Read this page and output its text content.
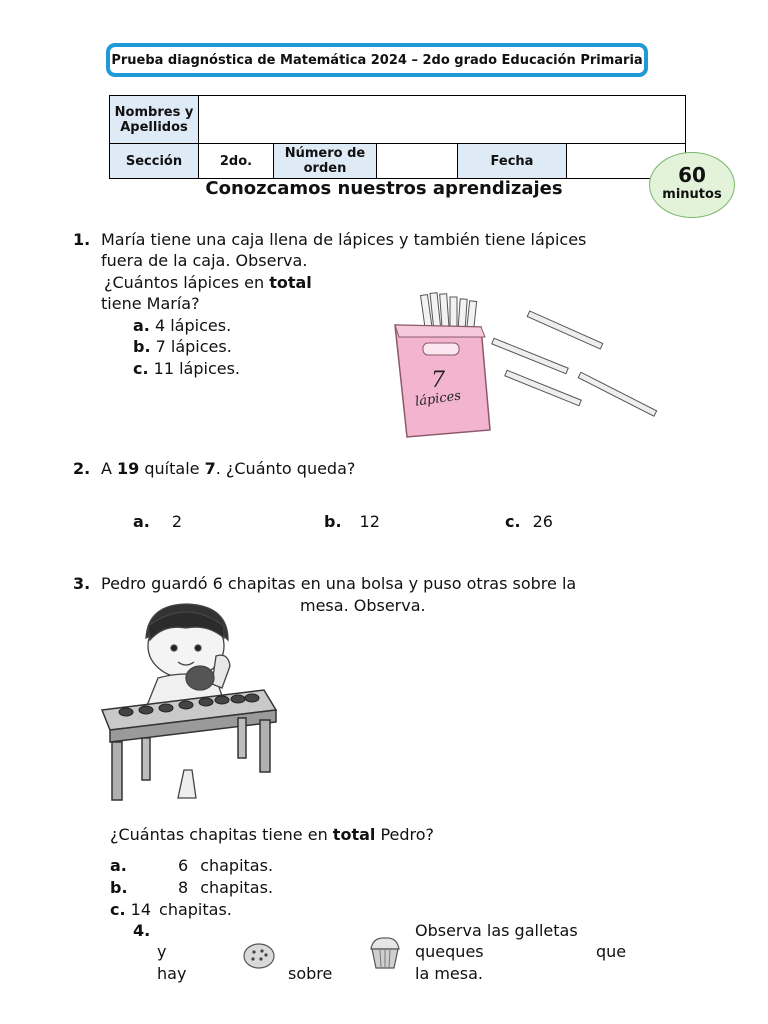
Prueba diagnóstica de Matemática 2024 – 2do grado Educación Primaria
Nombres y Apellidos					
Sección	2do.	Número de orden		Fecha	
60
minutos
Conozcamos nuestros aprendizajes
1. María tiene una caja llena de lápices y también tiene lápices
fuera de la caja. Observa.
¿Cuántos lápices en total
tiene María?
a. 4 lápices.
b. 7 lápices.
c. 11 lápices.	7
lápices
2. A 19 quítale 7. ¿Cuánto queda?
a. 2	b. 12	c. 26
3. Pedro guardó 6 chapitas en una bolsa y puso otras sobre la
mesa. Observa.
¿Cuántas chapitas tiene en total Pedro?
a.	6 chapitas.
b.	8 chapitas.
c. 14 chapitas.
4.
y
hay	sobre
Observa las galletas
queques	que
la mesa.
